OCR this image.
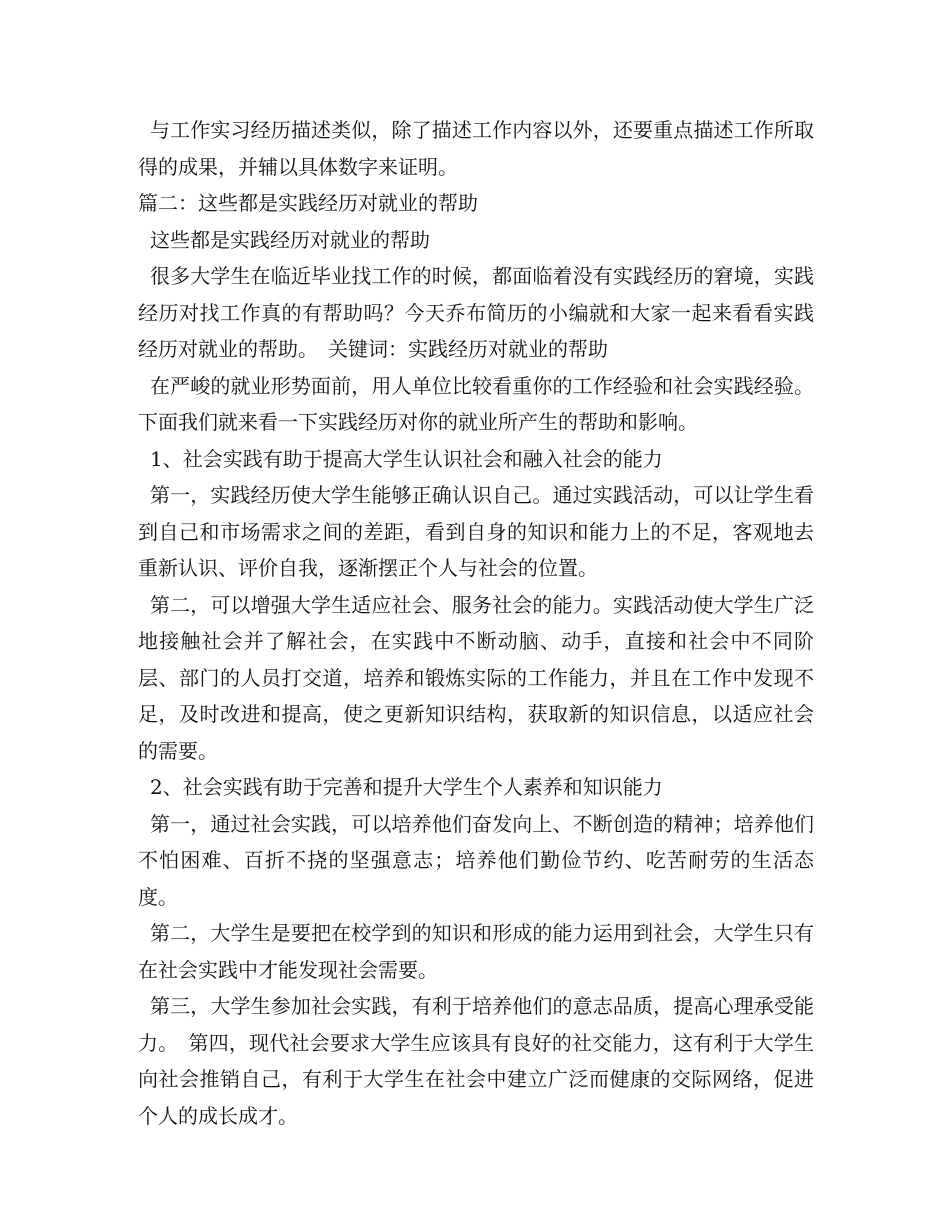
与工作实习经历描述类似，除了描述工作内容以外，还要重点描述工作所取得的成果，并辅以具体数字来证明。

篇二：这些都是实践经历对就业的帮助

这些都是实践经历对就业的帮助

很多大学生在临近毕业找工作的时候，都面临着没有实践经历的窘境，实践经历对找工作真的有帮助吗？今天乔布简历的小编就和大家一起来看看实践经历对就业的帮助。　关键词：实践经历对就业的帮助

在严峻的就业形势面前，用人单位比较看重你的工作经验和社会实践经验。下面我们就来看一下实践经历对你的就业所产生的帮助和影响。

1、社会实践有助于提高大学生认识社会和融入社会的能力

第一，实践经历使大学生能够正确认识自己。通过实践活动，可以让学生看到自己和市场需求之间的差距，看到自身的知识和能力上的不足，客观地去重新认识、评价自我，逐渐摆正个人与社会的位置。

第二，可以增强大学生适应社会、服务社会的能力。实践活动使大学生广泛地接触社会并了解社会，在实践中不断动脑、动手，直接和社会中不同阶层、部门的人员打交道，培养和锻炼实际的工作能力，并且在工作中发现不足，及时改进和提高，使之更新知识结构，获取新的知识信息，以适应社会的需要。

2、社会实践有助于完善和提升大学生个人素养和知识能力

第一，通过社会实践，可以培养他们奋发向上、不断创造的精神；培养他们不怕困难、百折不挠的坚强意志；培养他们勤俭节约、吃苦耐劳的生活态度。

第二，大学生是要把在校学到的知识和形成的能力运用到社会，大学生只有在社会实践中才能发现社会需要。

第三，大学生参加社会实践，有利于培养他们的意志品质，提高心理承受能力。　第四，现代社会要求大学生应该具有良好的社交能力，这有利于大学生向社会推销自己，有利于大学生在社会中建立广泛而健康的交际网络，促进个人的成长成才。
